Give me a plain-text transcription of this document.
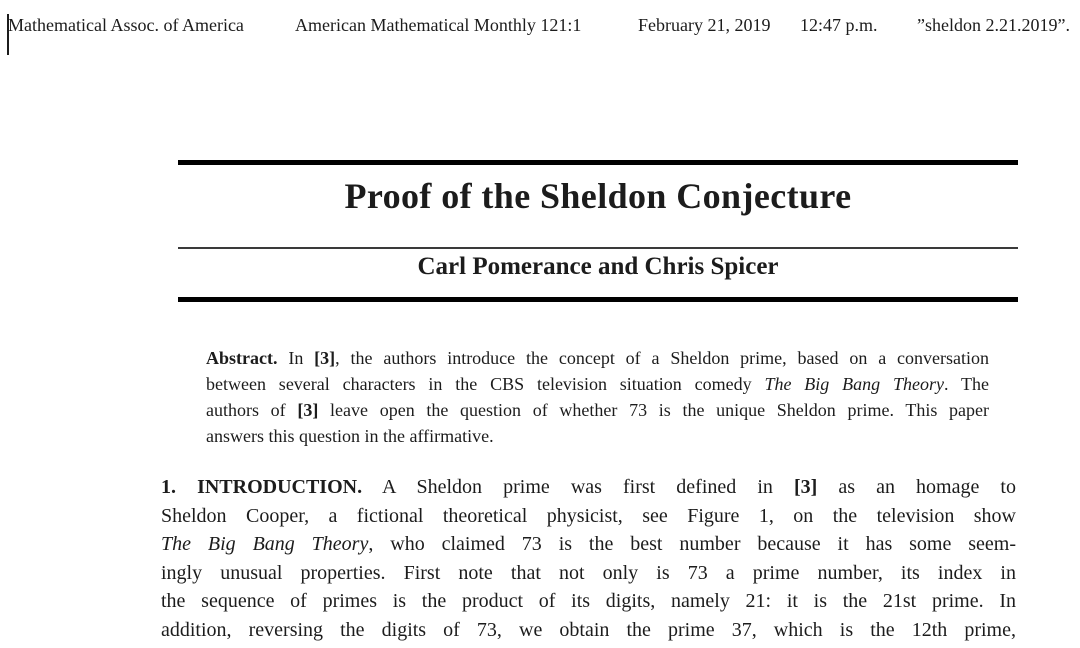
Mathematical Assoc. of America	American Mathematical Monthly 121:1	February 21, 2019 12:47 p.m. ”sheldon 2.21.2019”.
Proof of the Sheldon Conjecture
Carl Pomerance and Chris Spicer
Abstract. In [3], the authors introduce the concept of a Sheldon prime, based on a conversation
between several characters in the CBS television situation comedy The Big Bang Theory. The
authors of [3] leave open the question of whether 73 is the unique Sheldon prime. This paper
answers this question in the affirmative.
1. INTRODUCTION. A Sheldon prime was first defined in [3] as an homage to
Sheldon Cooper, a fictional theoretical physicist, see Figure 1, on the television show
The Big Bang Theory, who claimed 73 is the best number because it has some seem-
ingly unusual properties. First note that not only is 73 a prime number, its index in
the sequence of primes is the product of its digits, namely 21: it is the 21st prime. In
addition, reversing the digits of 73, we obtain the prime 37, which is the 12th prime,
